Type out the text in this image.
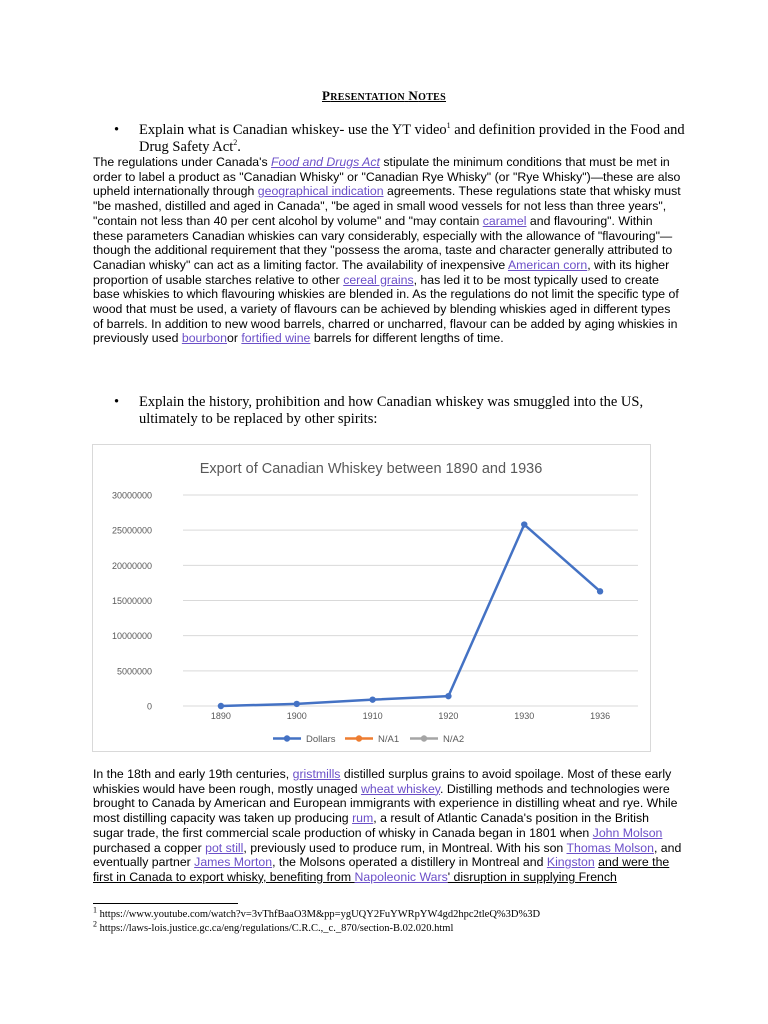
PRESENTATION NOTES
• Explain what is Canadian whiskey- use the YT video$^1$ and definition provided in the Food and Drug Safety Act$^2$.
The regulations under Canada's Food and Drugs Act stipulate the minimum conditions that must be met in order to label a product as "Canadian Whisky" or "Canadian Rye Whisky" (or "Rye Whisky")—these are also upheld internationally through geographical indication agreements. These regulations state that whisky must "be mashed, distilled and aged in Canada", "be aged in small wood vessels for not less than three years", "contain not less than 40 per cent alcohol by volume" and "may contain caramel and flavouring". Within these parameters Canadian whiskies can vary considerably, especially with the allowance of "flavouring"—though the additional requirement that they "possess the aroma, taste and character generally attributed to Canadian whisky" can act as a limiting factor. The availability of inexpensive American corn, with its higher proportion of usable starches relative to other cereal grains, has led it to be most typically used to create base whiskies to which flavouring whiskies are blended in. As the regulations do not limit the specific type of wood that must be used, a variety of flavours can be achieved by blending whiskies aged in different types of barrels. In addition to new wood barrels, charred or uncharred, flavour can be added by aging whiskies in previously used bourbonor fortified wine barrels for different lengths of time.
• Explain the history, prohibition and how Canadian whiskey was smuggled into the US, ultimately to be replaced by other spirits:
Export of Canadian Whiskey between 1890 and 1936
0
5000000
10000000
15000000
20000000
25000000
30000000
1890	1900	1910	1920	1930	1936
Dollars	N/A1	N/A2
In the 18th and early 19th centuries, gristmills distilled surplus grains to avoid spoilage. Most of these early whiskies would have been rough, mostly unaged wheat whiskey. Distilling methods and technologies were brought to Canada by American and European immigrants with experience in distilling wheat and rye. While most distilling capacity was taken up producing rum, a result of Atlantic Canada's position in the British sugar trade, the first commercial scale production of whisky in Canada began in 1801 when John Molson purchased a copper pot still, previously used to produce rum, in Montreal. With his son Thomas Molson, and eventually partner James Morton, the Molsons operated a distillery in Montreal and Kingston and were the first in Canada to export whisky, benefiting from Napoleonic Wars' disruption in supplying French
$^1$ https://www.youtube.com/watch?v=3vThfBaaO3M&pp=ygUQY2FuYWRpYW4gd2hpc2tleQ%3D%3D
$^2$ https://laws-lois.justice.gc.ca/eng/regulations/C.R.C.,_c._870/section-B.02.020.html
